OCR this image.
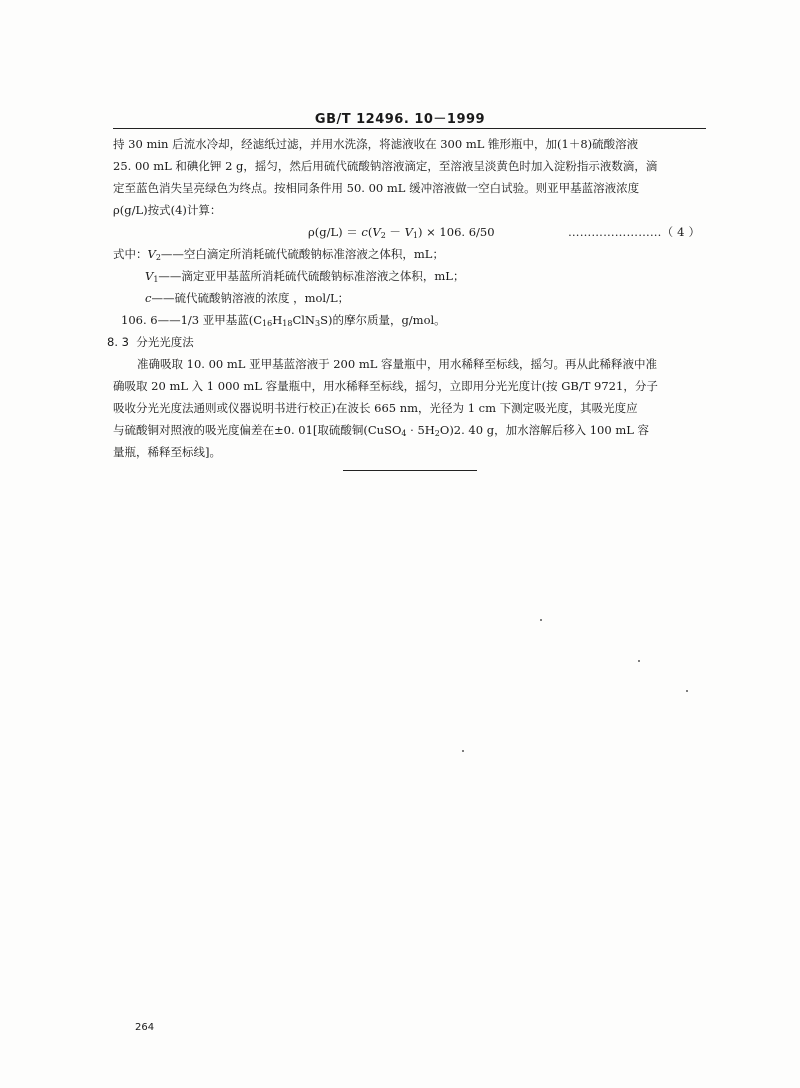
GB/T 12496. 10－1999
持 30 min 后流水冷却，经滤纸过滤，并用水洗涤，将滤液收在 300 mL 锥形瓶中，加(1＋8)硫酸溶液
25. 00 mL 和碘化钾 2 g，摇匀，然后用硫代硫酸钠溶液滴定，至溶液呈淡黄色时加入淀粉指示液数滴，滴
定至蓝色消失呈亮绿色为终点。按相同条件用 50. 00 mL 缓冲溶液做一空白试验。则亚甲基蓝溶液浓度
ρ(g/L)按式(4)计算：
$\rho(g/L) = c(V_2 - V_1) \times 106$. 6/50	……………………（ 4 ）
式中：$V_2——$空白滴定所消耗硫代硫酸钠标准溶液之体积，mL；
$V_1——$滴定亚甲基蓝所消耗硫代硫酸钠标准溶液之体积，mL；
c——硫代硫酸钠溶液的浓度 ，mol/L；
106. 6——1/3 亚甲基蓝$(C_{16}H_{18}ClN_3S)$的摩尔质量，g/mol。
8. 3 分光光度法
准确吸取 10. 00 mL 亚甲基蓝溶液于 200 mL 容量瓶中，用水稀释至标线，摇匀。再从此稀释液中准
确吸取 20 mL 入 1 000 mL 容量瓶中，用水稀释至标线，摇匀，立即用分光光度计(按 GB/T 9721，分子
吸收分光光度法通则或仪器说明书进行校正)在波长 665 nm，光径为 1 cm 下测定吸光度，其吸光度应
与硫酸铜对照液的吸光度偏差在±0. 01[取硫酸铜(CuSO$_4$ · $5H_2O)2$. 40 g，加水溶解后移入 100 mL 容
量瓶，稀释至标线]。
264
